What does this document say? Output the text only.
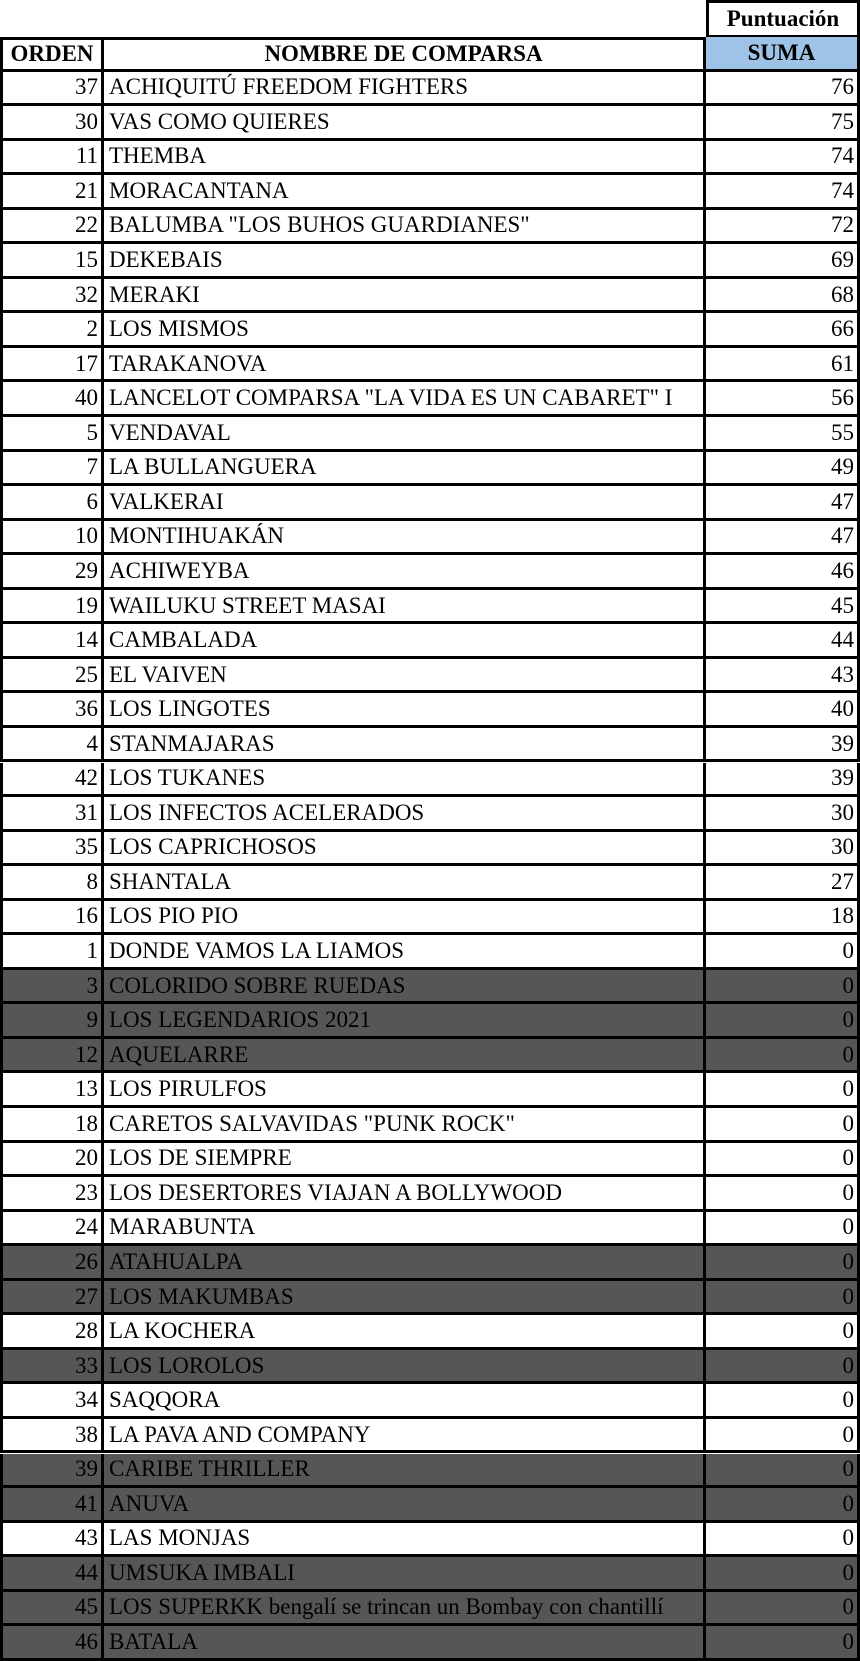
Puntuación
ORDEN	NOMBRE DE COMPARSA	SUMA
37 ACHIQUITÚ FREEDOM FIGHTERS	76
30 VAS COMO QUIERES	75
11 THEMBA	74
21 MORACANTANA	74
22 BALUMBA "LOS BUHOS GUARDIANES"	72
15 DEKEBAIS	69
32 MERAKI	68
2 LOS MISMOS	66
17 TARAKANOVA	61
40 LANCELOT COMPARSA "LA VIDA ES UN CABARET" I	56
5 VENDAVAL	55
7 LA BULLANGUERA	49
6 VALKERAI	47
10 MONTIHUAKÁN	47
29 ACHIWEYBA	46
19 WAILUKU STREET MASAI	45
14 CAMBALADA	44
25 EL VAIVEN	43
36 LOS LINGOTES	40
4 STANMAJARAS	39
42 LOS TUKANES	39
31 LOS INFECTOS ACELERADOS	30
35 LOS CAPRICHOSOS	30
8 SHANTALA	27
16 LOS PIO PIO	18
1 DONDE VAMOS LA LIAMOS	0
3 COLORIDO SOBRE RUEDAS	0
9 LOS LEGENDARIOS 2021	0
12 AQUELARRE	0
13 LOS PIRULFOS	0
18 CARETOS SALVAVIDAS "PUNK ROCK"	0
20 LOS DE SIEMPRE	0
23 LOS DESERTORES VIAJAN A BOLLYWOOD	0
24 MARABUNTA	0
26 ATAHUALPA	0
27 LOS MAKUMBAS	0
28 LA KOCHERA	0
33 LOS LOROLOS	0
34 SAQQORA	0
38 LA PAVA AND COMPANY	0
39 CARIBE THRILLER	0
41 ANUVA	0
43 LAS MONJAS	0
44 UMSUKA IMBALI	0
45 LOS SUPERKK bengalí se trincan un Bombay con chantillí	0
46 BATALA	0
